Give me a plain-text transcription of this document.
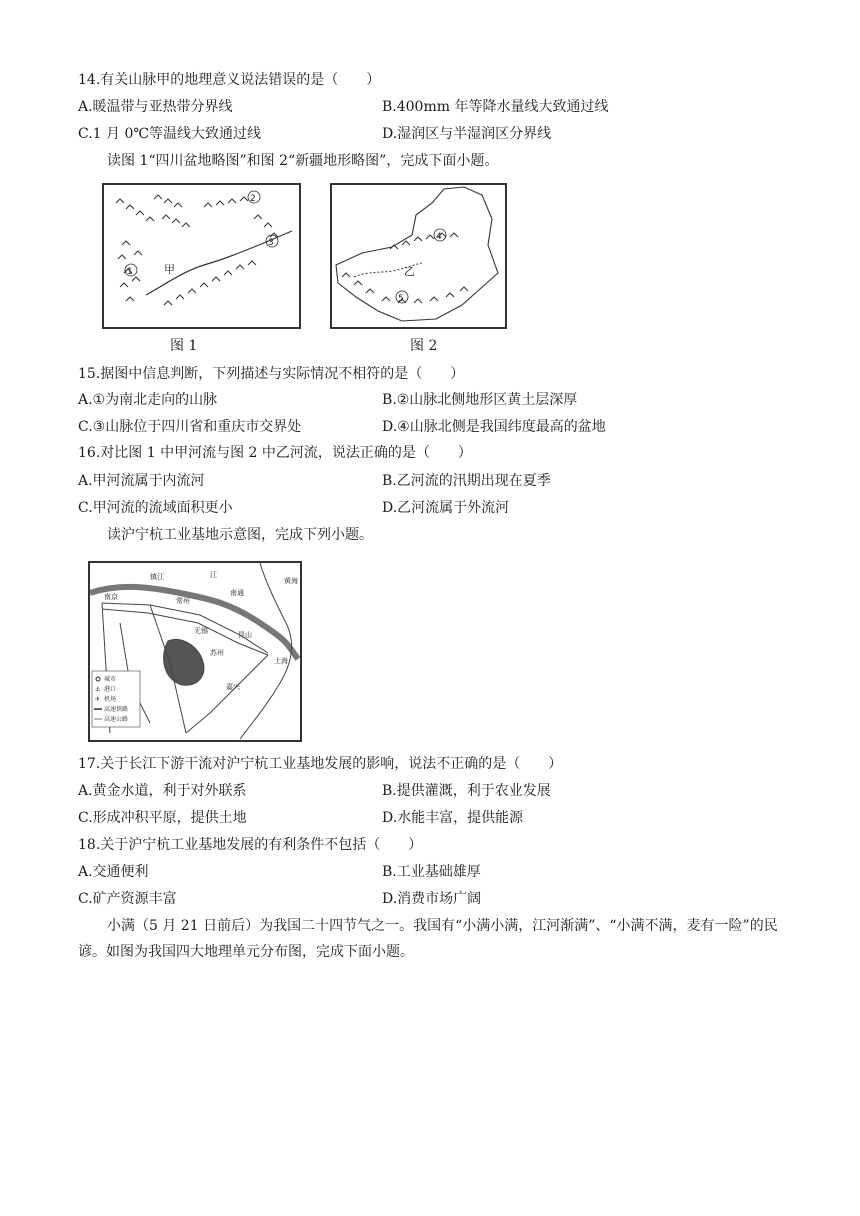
14.有关山脉甲的地理意义说法错误的是（　　）
A.暖温带与亚热带分界线	B.400mm 年等降水量线大致通过线
C.1 月 0℃等温线大致通过线	D.湿润区与半湿润区分界线
读图 1“四川盆地略图”和图 2“新疆地形略图”，完成下面小题。
2
3
1	甲
图 1
4
5
乙
图 2
15.据图中信息判断，下列描述与实际情况不相符的是（　　）
A.①为南北走向的山脉	B.②山脉北侧地形区黄土层深厚
C.③山脉位于四川省和重庆市交界处	D.④山脉北侧是我国纬度最高的盆地
16.对比图 1 中甲河流与图 2 中乙河流，说法正确的是（　　）
A.甲河流属于内流河	B.乙河流的汛期出现在夏季
C.甲河流的流域面积更小	D.乙河流属于外流河
读沪宁杭工业基地示意图，完成下列小题。
镇江
南京	常州
江
南通
无锡	昆山
苏州
上海
嘉兴
黄海
城市
⚓ 港口
✈ 机场
高速铁路
高速公路
17.关于长江下游干流对沪宁杭工业基地发展的影响，说法不正确的是（　　）
A.黄金水道，利于对外联系	B.提供灌溉，利于农业发展
C.形成冲积平原，提供土地	D.水能丰富，提供能源
18.关于沪宁杭工业基地发展的有利条件不包括（　　）
A.交通便利	B.工业基础雄厚
C.矿产资源丰富	D.消费市场广阔
小满（5 月 21 日前后）为我国二十四节气之一。我国有“小满小满，江河渐满”、“小满不满，麦有一险”的民谚。如图为我国四大地理单元分布图，完成下面小题。
